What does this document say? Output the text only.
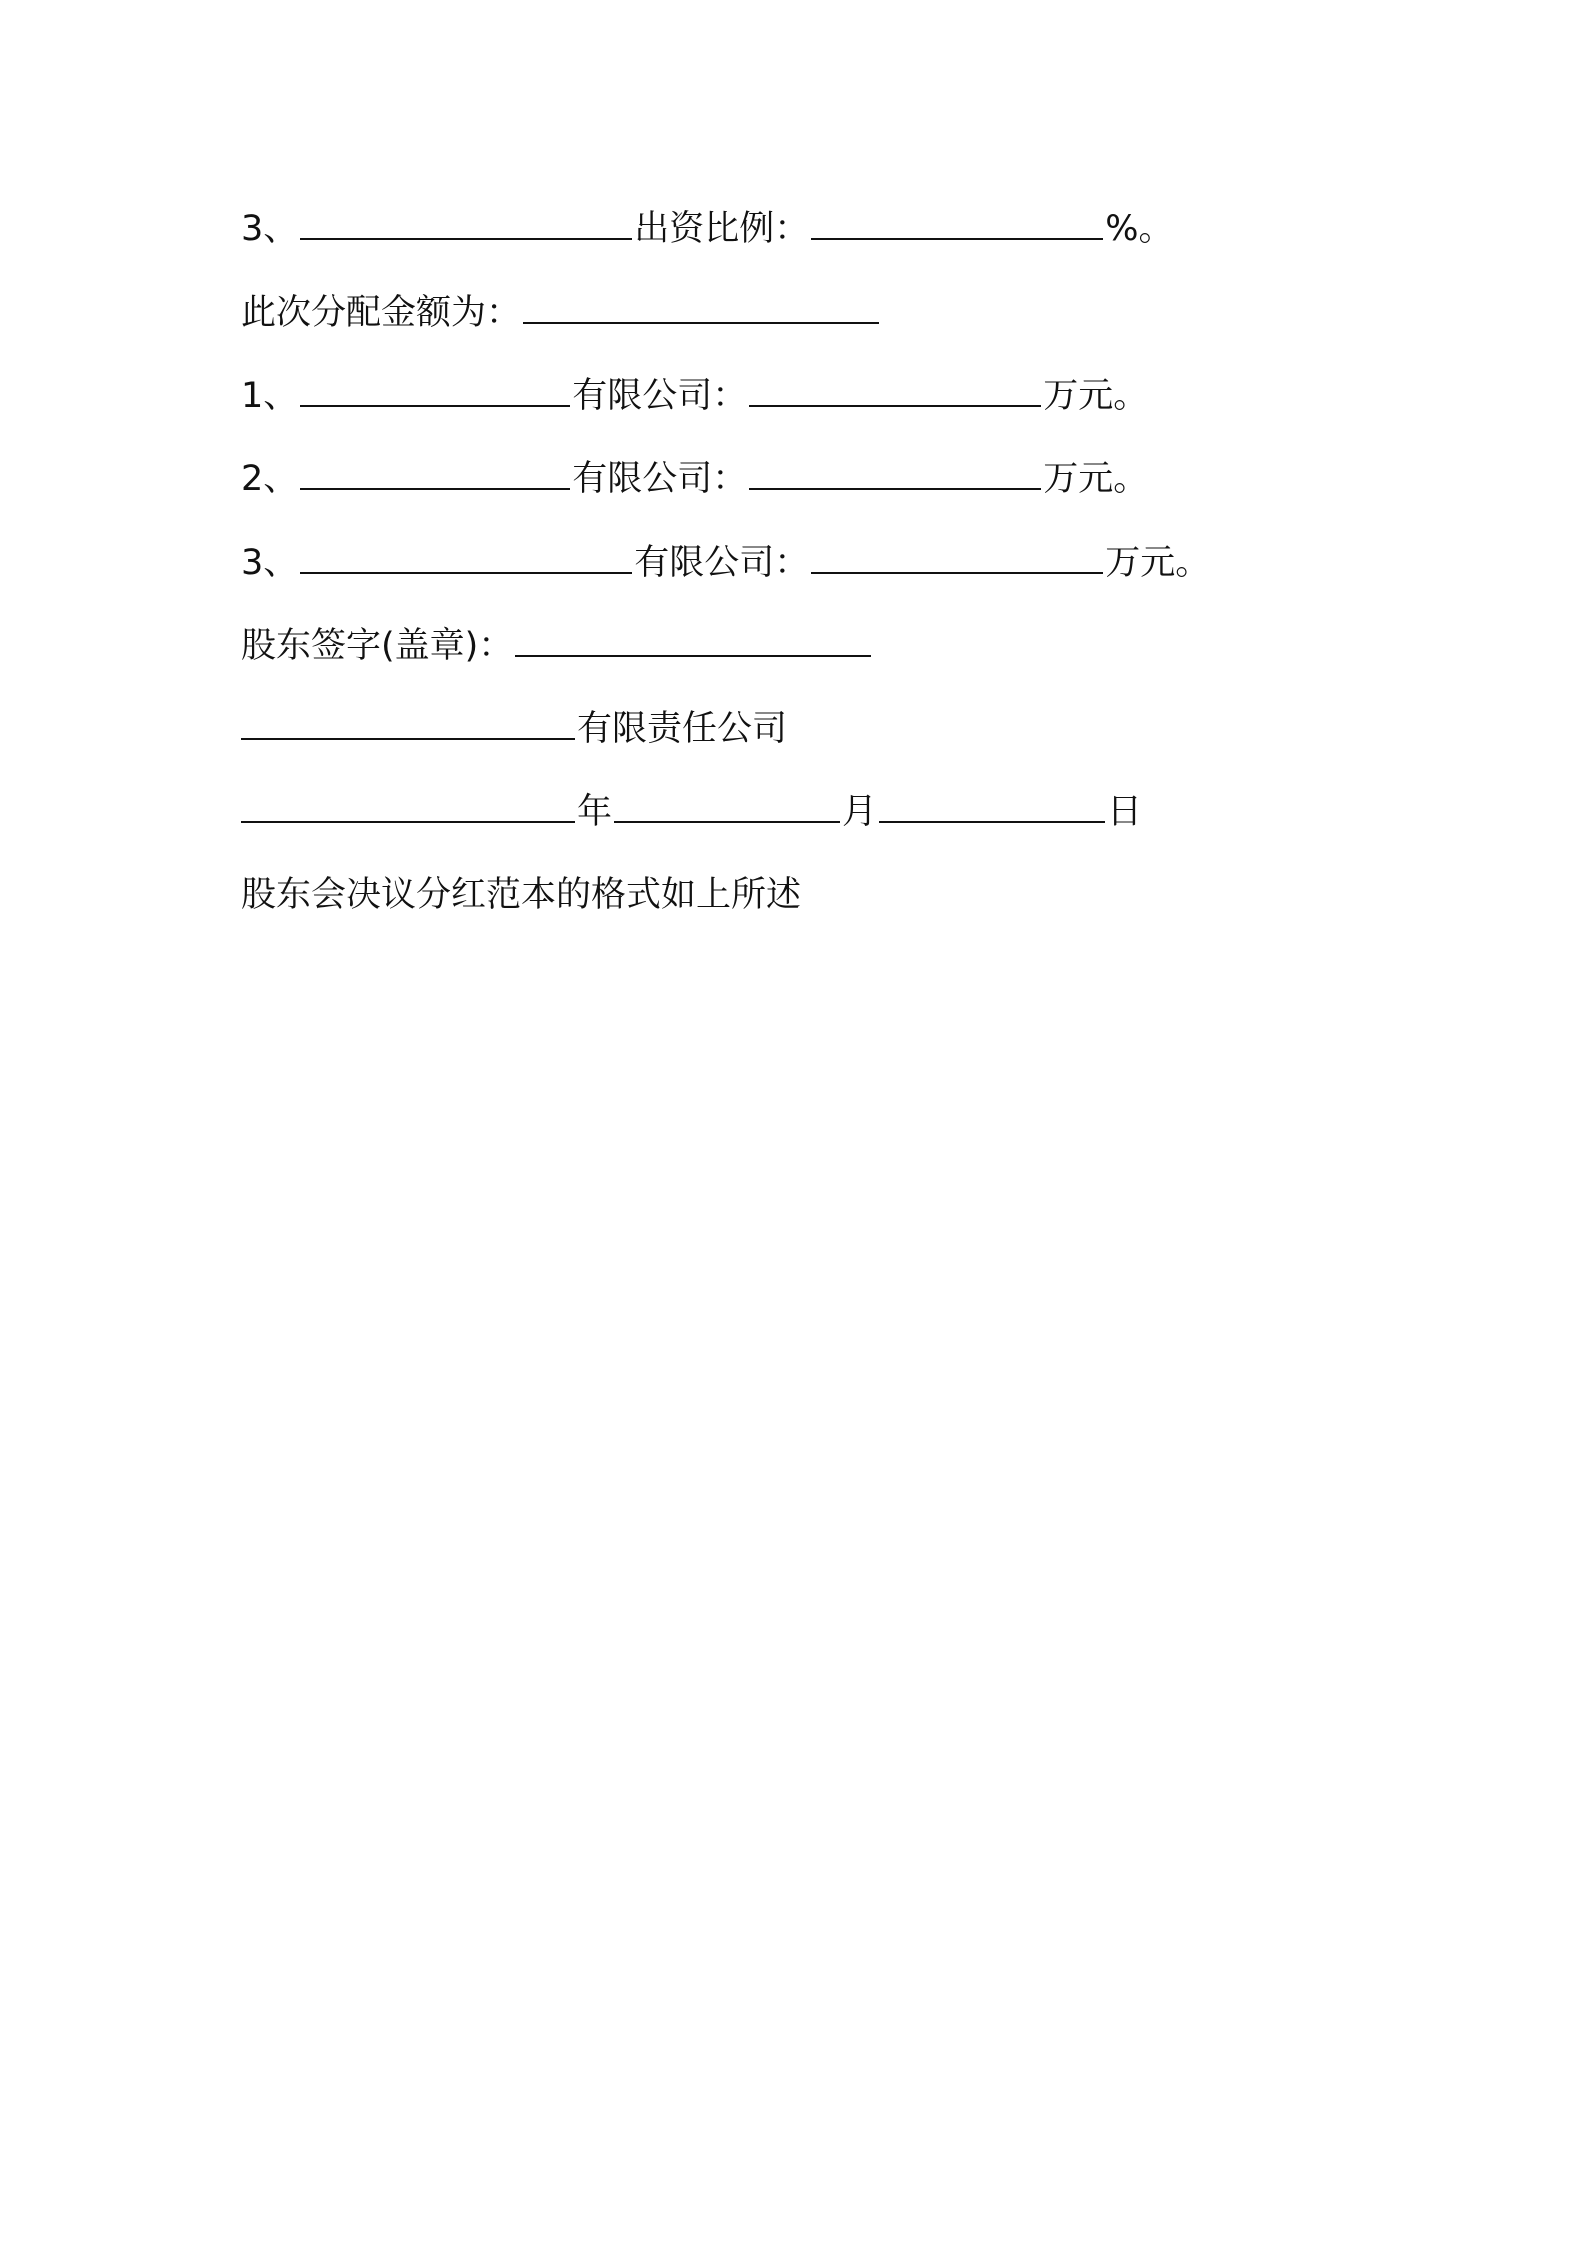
3、	出资比例：	%。
此次分配金额为：
1、	有限公司：	万元。
2、	有限公司：	万元。
3、	有限公司：	万元。
股东签字(盖章)：
有限责任公司
年	月	日
股东会决议分红范本的格式如上所述
